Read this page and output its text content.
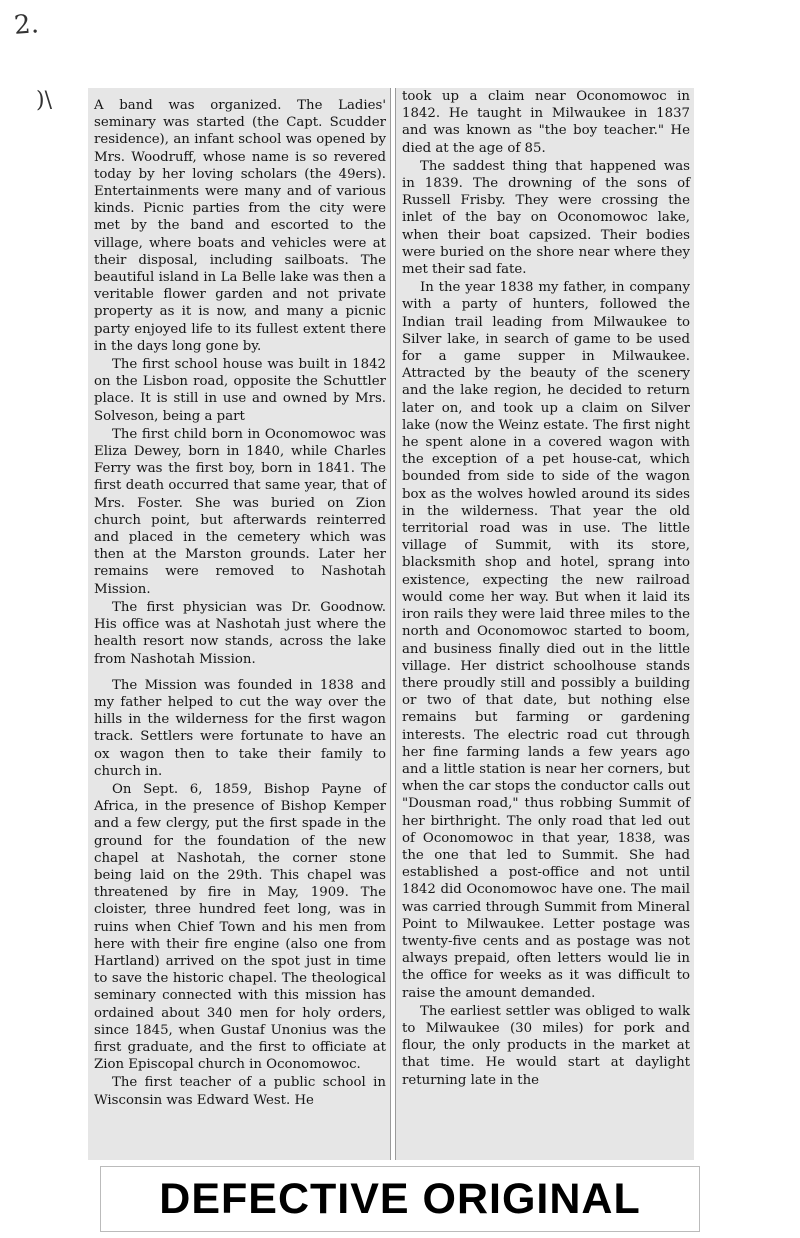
2.
)\	A band was organized. The Ladies' seminary was started (the Capt. Scudder residence), an infant school was opened by Mrs. Woodruff, whose name is so revered today by her loving scholars (the 49ers). Entertainments were many and of various kinds. Picnic parties from the city were met by the band and escorted to the village, where boats and vehicles were at their disposal, including sailboats. The beautiful island in La Belle lake was then a veritable flower garden and not private property as it is now, and many a picnic party enjoyed life to its fullest extent there in the days long gone by.

The first school house was built in 1842 on the Lisbon road, opposite the Schuttler place. It is still in use and owned by Mrs. Solveson, being a part

The first child born in Oconomowoc was Eliza Dewey, born in 1840, while Charles Ferry was the first boy, born in 1841. The first death occurred that same year, that of Mrs. Foster. She was buried on Zion church point, but afterwards reinterred and placed in the cemetery which was then at the Marston grounds. Later her remains were removed to Nashotah Mission.

The first physician was Dr. Goodnow. His office was at Nashotah just where the health resort now stands, across the lake from Nashotah Mission.

The Mission was founded in 1838 and my father helped to cut the way over the hills in the wilderness for the first wagon track. Settlers were fortunate to have an ox wagon then to take their family to church in.

On Sept. 6, 1859, Bishop Payne of Africa, in the presence of Bishop Kemper and a few clergy, put the first spade in the ground for the foundation of the new chapel at Nashotah, the corner stone being laid on the 29th. This chapel was threatened by fire in May, 1909. The cloister, three hundred feet long, was in ruins when Chief Town and his men from here with their fire engine (also one from Hartland) arrived on the spot just in time to save the historic chapel. The theological seminary connected with this mission has ordained about 340 men for holy orders, since 1845, when Gustaf Unonius was the first graduate, and the first to officiate at Zion Episcopal church in Oconomowoc.

The first teacher of a public school in Wisconsin was Edward West. He

took up a claim near Oconomowoc in 1842. He taught in Milwaukee in 1837 and was known as "the boy teacher." He died at the age of 85.

The saddest thing that happened was in 1839. The drowning of the sons of Russell Frisby. They were crossing the inlet of the bay on Oconomowoc lake, when their boat capsized. Their bodies were buried on the shore near where they met their sad fate.

In the year 1838 my father, in company with a party of hunters, followed the Indian trail leading from Milwaukee to Silver lake, in search of game to be used for a game supper in Milwaukee. Attracted by the beauty of the scenery and the lake region, he decided to return later on, and took up a claim on Silver lake (now the Weinz estate. The first night he spent alone in a covered wagon with the exception of a pet house-cat, which bounded from side to side of the wagon box as the wolves howled around its sides in the wilderness. That year the old territorial road was in use. The little village of Summit, with its store, blacksmith shop and hotel, sprang into existence, expecting the new railroad would come her way. But when it laid its iron rails they were laid three miles to the north and Oconomowoc started to boom, and business finally died out in the little village. Her district schoolhouse stands there proudly still and possibly a building or two of that date, but nothing else remains but farming or gardening interests. The electric road cut through her fine farming lands a few years ago and a little station is near her corners, but when the car stops the conductor calls out "Dousman road," thus robbing Summit of her birthright. The only road that led out of Oconomowoc in that year, 1838, was the one that led to Summit. She had established a post-office and not until 1842 did Oconomowoc have one. The mail was carried through Summit from Mineral Point to Milwaukee. Letter postage was twenty-five cents and as postage was not always prepaid, often letters would lie in the office for weeks as it was difficult to raise the amount demanded.

The earliest settler was obliged to walk to Milwaukee (30 miles) for pork and flour, the only products in the market at that time. He would start at daylight returning late in the

DEFECTIVE ORIGINAL
